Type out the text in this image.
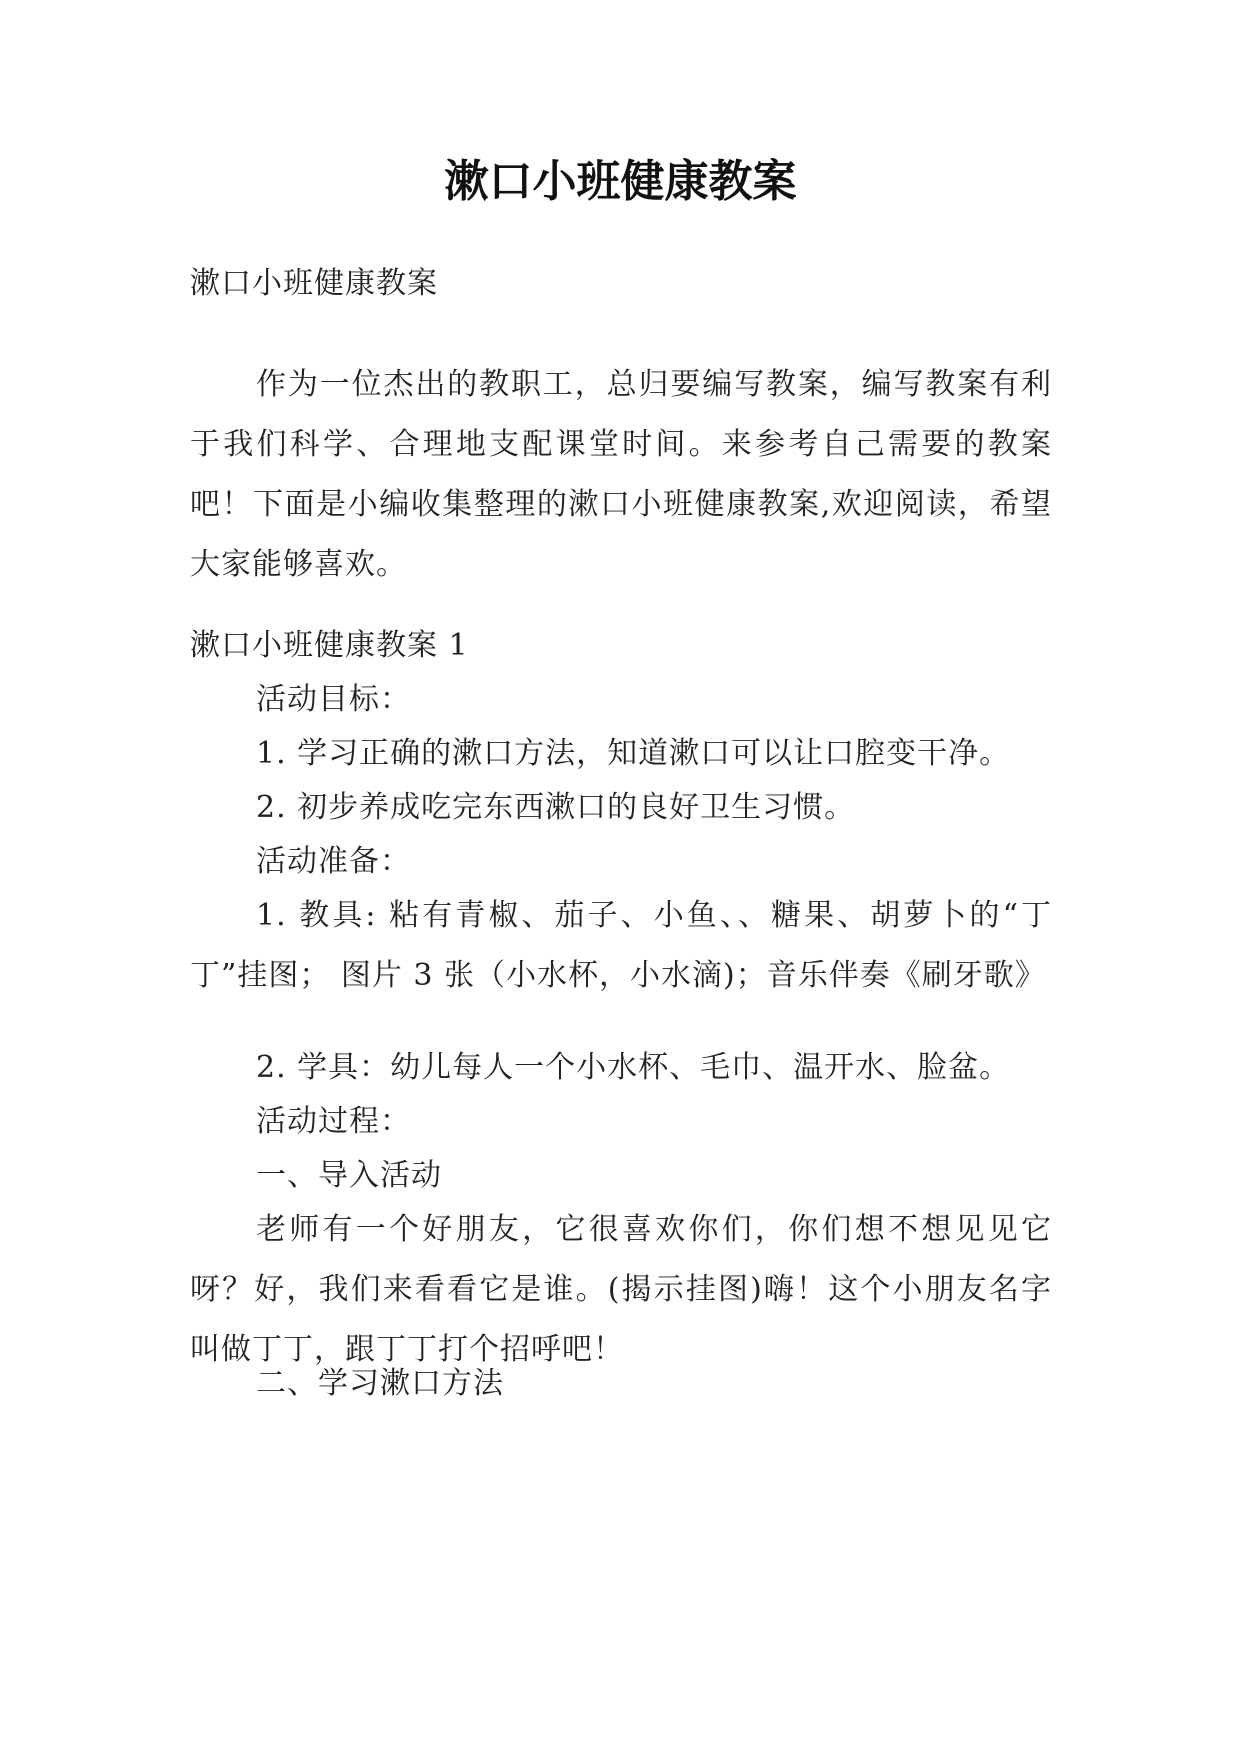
漱口小班健康教案
漱口小班健康教案
作为一位杰出的教职工，总归要编写教案，编写教案有利于我们科学、合理地支配课堂时间。来参考自己需要的教案吧！下面是小编收集整理的漱口小班健康教案,欢迎阅读，希望大家能够喜欢。
漱口小班健康教案 1
活动目标：
1. 学习正确的漱口方法，知道漱口可以让口腔变干净。
2. 初步养成吃完东西漱口的良好卫生习惯。
活动准备：
1. 教具: 粘有青椒、茄子、小鱼、、糖果、胡萝卜的“丁丁”挂图； 图片 3 张（小水杯，小水滴)；音乐伴奏《刷牙歌》
2. 学具：幼儿每人一个小水杯、毛巾、温开水、脸盆。
活动过程：
一、导入活动
老师有一个好朋友，它很喜欢你们，你们想不想见见它呀？好，我们来看看它是谁。(揭示挂图)嗨！这个小朋友名字叫做丁丁，跟丁丁打个招呼吧！
二、学习漱口方法
